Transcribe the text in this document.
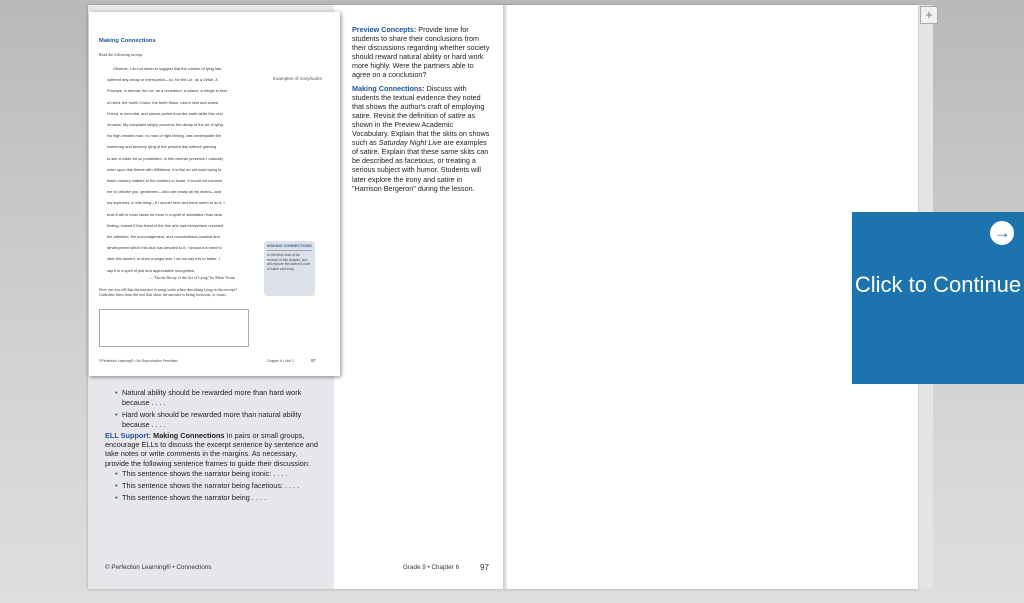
+
Making Connections
Read the following excerpt.
Observe, I do not mean to suggest that the custom of lying has
suffered any decay or interruption—no, for the Lie, as a Virtue, A
Principle, is eternal; the Lie, as a recreation, a solace, a refuge in time
of need, the fourth Grace, the tenth Muse, man's best and surest
Friend, is immortal, and cannot perish from the earth while this club
remains. My complaint simply concerns the decay of the art of lying.
No high-minded man, no man of right feeling, can contemplate the
lumbering and slovenly lying of the present day without grieving
to see a noble art so prostituted. In this veteran presence I naturally
enter upon this theme with diffidence; it is like an old maid trying to
teach nursery matters to the mothers in Israel. It would not become
me to criticise you, gentlemen—who are nearly all my elders—and
my superiors, in this thing—if I should here and there seem to do it, I
trust it will in most cases be more in a spirit of admiration than fault-
finding; indeed if this finest of the fine arts had everywhere received
the attention, the encouragement, and conscientious practice and
development which this club has devoted to it, I should not need to
utter this lament, or shed a single tear. I do not say this to flatter: I
say it in a spirit of just and appreciative recognition.
Examples of irony/satire
MAKING CONNECTIONS
In the third read of the excerpt in this chapter, you will explore the author's craft of satire and irony.
—"On the Decay of the Art of Lying" by Mark Twain
How can you tell that the narrator is using satire when describing lying in the excerpt? Underline lines from the text that show the narrator is being facetious, or ironic.
©Perfection Learning® • No Reproduction Permitted	Chapter 6 • Unit 2	97
• Natural ability should be rewarded more than hard work because . . . .
• Hard work should be rewarded more than natural ability because . . . .
ELL Support: Making Connections In pairs or small groups, encourage ELLs to discuss the excerpt sentence by sentence and take notes or write comments in the margins. As necessary, provide the following sentence frames to guide their discussion:
• This sentence shows the narrator being ironic: . . . .
• This sentence shows the narrator being facetious: . . . .
• This sentence shows the narrator being . . . .
© Perfection Learning® • Connections	Grade 9 • Chapter 6	97

Preview Concepts: Provide time for students to share their conclusions from their discussions regarding whether society should reward natural ability or hard work more highly. Were the partners able to agree on a conclusion?

Making Connections: Discuss with students the textual evidence they noted that shows the author's craft of employing satire. Revisit the definition of satire as shown in the Preview Academic Vocabulary. Explain that the skits on shows such as Saturday Night Live are examples of satire. Explain that these same skits can be described as facetious, or treating a serious subject with humor. Students will later explore the irony and satire in "Harrison Bergeron" during the lesson.

→
Click to Continue
